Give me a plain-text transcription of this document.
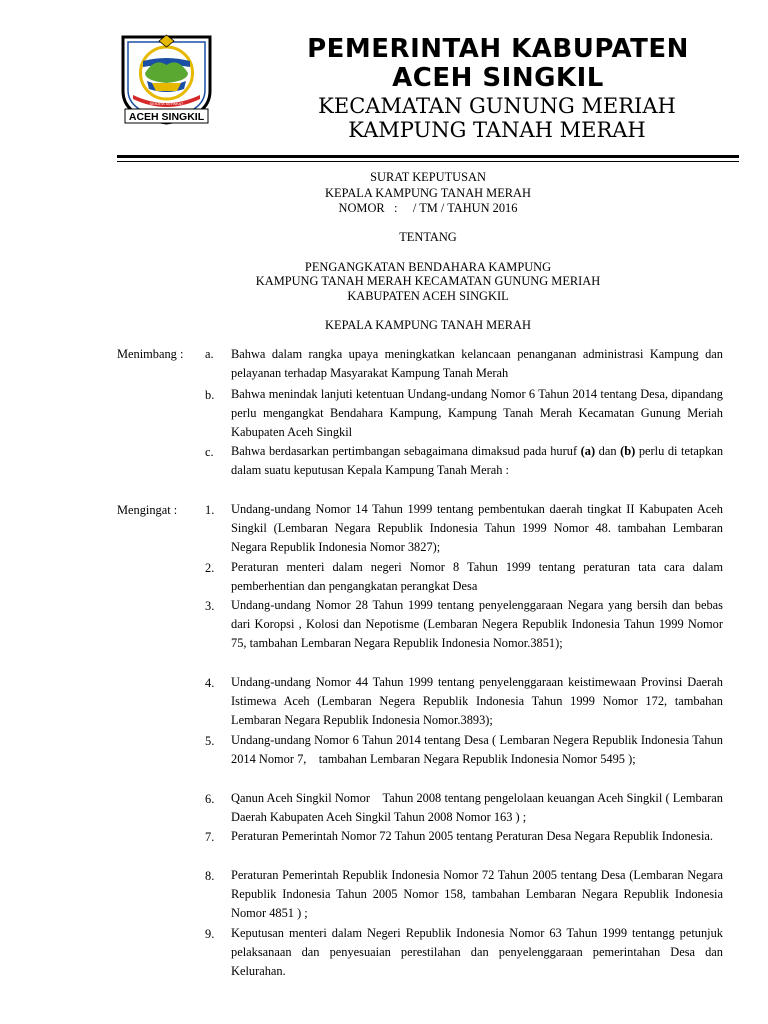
SEKATA SEPAKAT
ACEH SINGKIL
PEMERINTAH KABUPATEN
ACEH SINGKIL
KECAMATAN GUNUNG MERIAH
KAMPUNG TANAH MERAH
SURAT KEPUTUSAN
KEPALA KAMPUNG TANAH MERAH
NOMOR   :     / TM / TAHUN 2016
TENTANG
PENGANGKATAN BENDAHARA KAMPUNG
KAMPUNG TANAH MERAH KECAMATAN GUNUNG MERIAH
KABUPATEN ACEH SINGKIL
KEPALA KAMPUNG TANAH MERAH
Menimbang : a. Bahwa dalam rangka upaya meningkatkan kelancaan penanganan administrasi Kampung dan pelayanan terhadap Masyarakat Kampung Tanah Merah
b. Bahwa menindak lanjuti ketentuan Undang-undang Nomor 6 Tahun 2014 tentang Desa, dipandang perlu mengangkat Bendahara Kampung, Kampung Tanah Merah Kecamatan Gunung Meriah Kabupaten Aceh Singkil
c. Bahwa berdasarkan pertimbangan sebagaimana dimaksud pada huruf (a) dan (b) perlu di tetapkan dalam suatu keputusan Kepala Kampung Tanah Merah :
Mengingat : 1. Undang-undang Nomor 14 Tahun 1999 tentang pembentukan daerah tingkat II Kabupaten Aceh Singkil (Lembaran Negara Republik Indonesia Tahun 1999 Nomor 48. tambahan Lembaran Negara Republik Indonesia Nomor 3827);
2. Peraturan menteri dalam negeri Nomor 8 Tahun 1999 tentang peraturan tata cara dalam pemberhentian dan pengangkatan perangkat Desa
3. Undang-undang Nomor 28 Tahun 1999 tentang penyelenggaraan Negara yang bersih dan bebas dari Koropsi , Kolosi dan Nepotisme (Lembaran Negera Republik Indonesia Tahun 1999 Nomor 75, tambahan Lembaran Negara Republik Indonesia Nomor.3851);
4. Undang-undang Nomor 44 Tahun 1999 tentang penyelenggaraan keistimewaan Provinsi Daerah Istimewa Aceh (Lembaran Negera Republik Indonesia Tahun 1999 Nomor 172, tambahan Lembaran Negara Republik Indonesia Nomor.3893);
5. Undang-undang Nomor 6 Tahun 2014 tentang Desa ( Lembaran Negera Republik Indonesia Tahun 2014 Nomor 7,    tambahan Lembaran Negara Republik Indonesia Nomor 5495 );
6. Qanun Aceh Singkil Nomor    Tahun 2008 tentang pengelolaan keuangan Aceh Singkil ( Lembaran Daerah Kabupaten Aceh Singkil Tahun 2008 Nomor 163 ) ;
7. Peraturan Pemerintah Nomor 72 Tahun 2005 tentang Peraturan Desa Negara Republik Indonesia.
8. Peraturan Pemerintah Republik Indonesia Nomor 72 Tahun 2005 tentang Desa (Lembaran Negara Republik Indonesia Tahun 2005 Nomor 158, tambahan Lembaran Negara Republik Indonesia Nomor 4851 ) ;
9. Keputusan menteri dalam Negeri Republik Indonesia Nomor 63 Tahun 1999 tentangg petunjuk pelaksanaan dan penyesuaian perestilahan dan penyelenggaraan pemerintahan Desa dan Kelurahan.
